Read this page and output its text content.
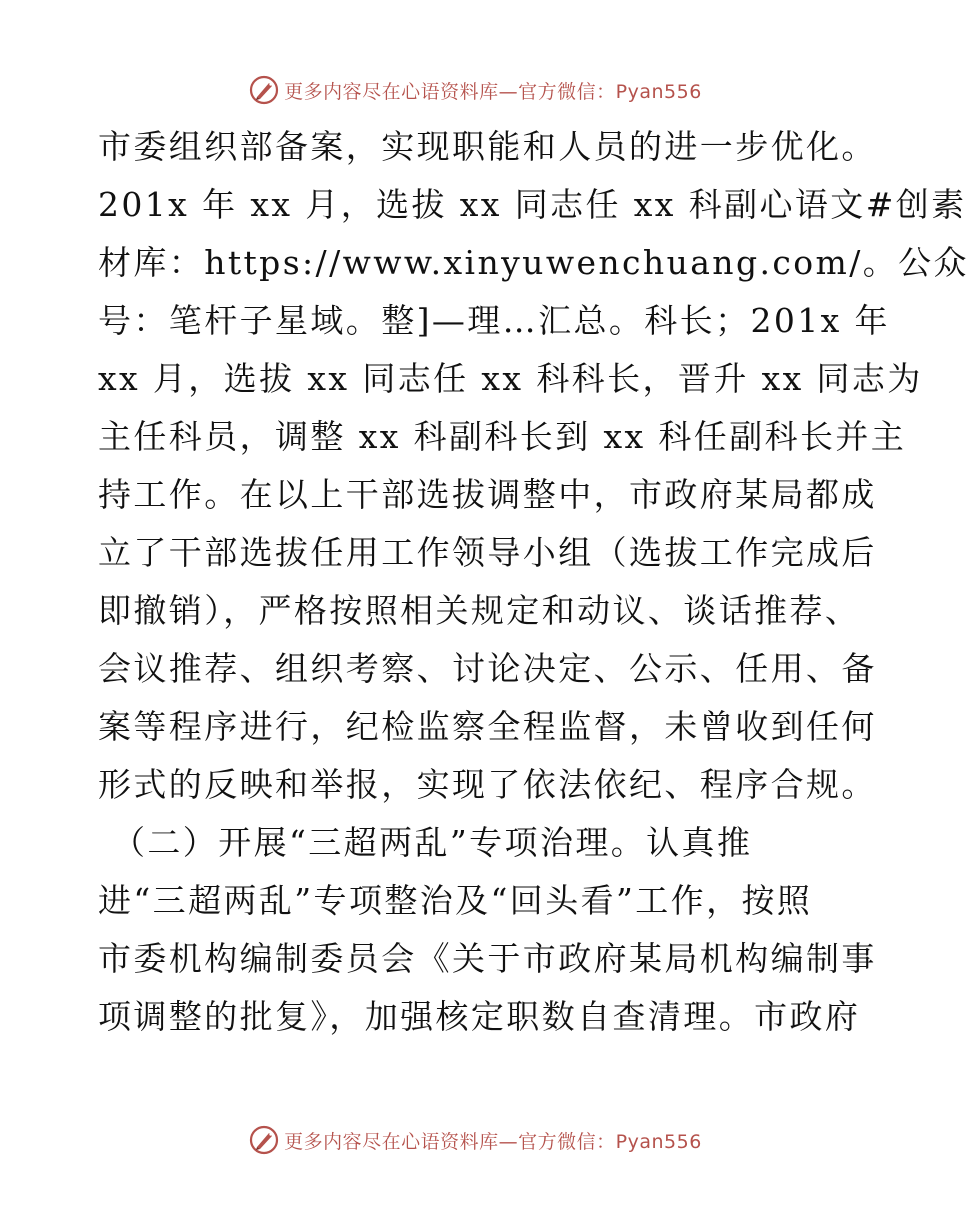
更多内容尽在心语资料库—官方微信：Pyan556
市委组织部备案，实现职能和人员的进一步优化。
201x 年 xx 月，选拔 xx 同志任 xx 科副心语文#创素
材库：https://www.xinyuwenchuang.com/。公众
号：笔杆子星域。整]—理…汇总。科长；201x 年
xx 月，选拔 xx 同志任 xx 科科长，晋升 xx 同志为
主任科员，调整 xx 科副科长到 xx 科任副科长并主
持工作。在以上干部选拔调整中，市政府某局都成
立了干部选拔任用工作领导小组（选拔工作完成后
即撤销），严格按照相关规定和动议、谈话推荐、
会议推荐、组织考察、讨论决定、公示、任用、备
案等程序进行，纪检监察全程监督，未曾收到任何
形式的反映和举报，实现了依法依纪、程序合规。
（二）开展“三超两乱”专项治理。认真推
进“三超两乱”专项整治及“回头看”工作，按照
市委机构编制委员会《关于市政府某局机构编制事
项调整的批复》，加强核定职数自查清理。市政府
更多内容尽在心语资料库—官方微信：Pyan556
